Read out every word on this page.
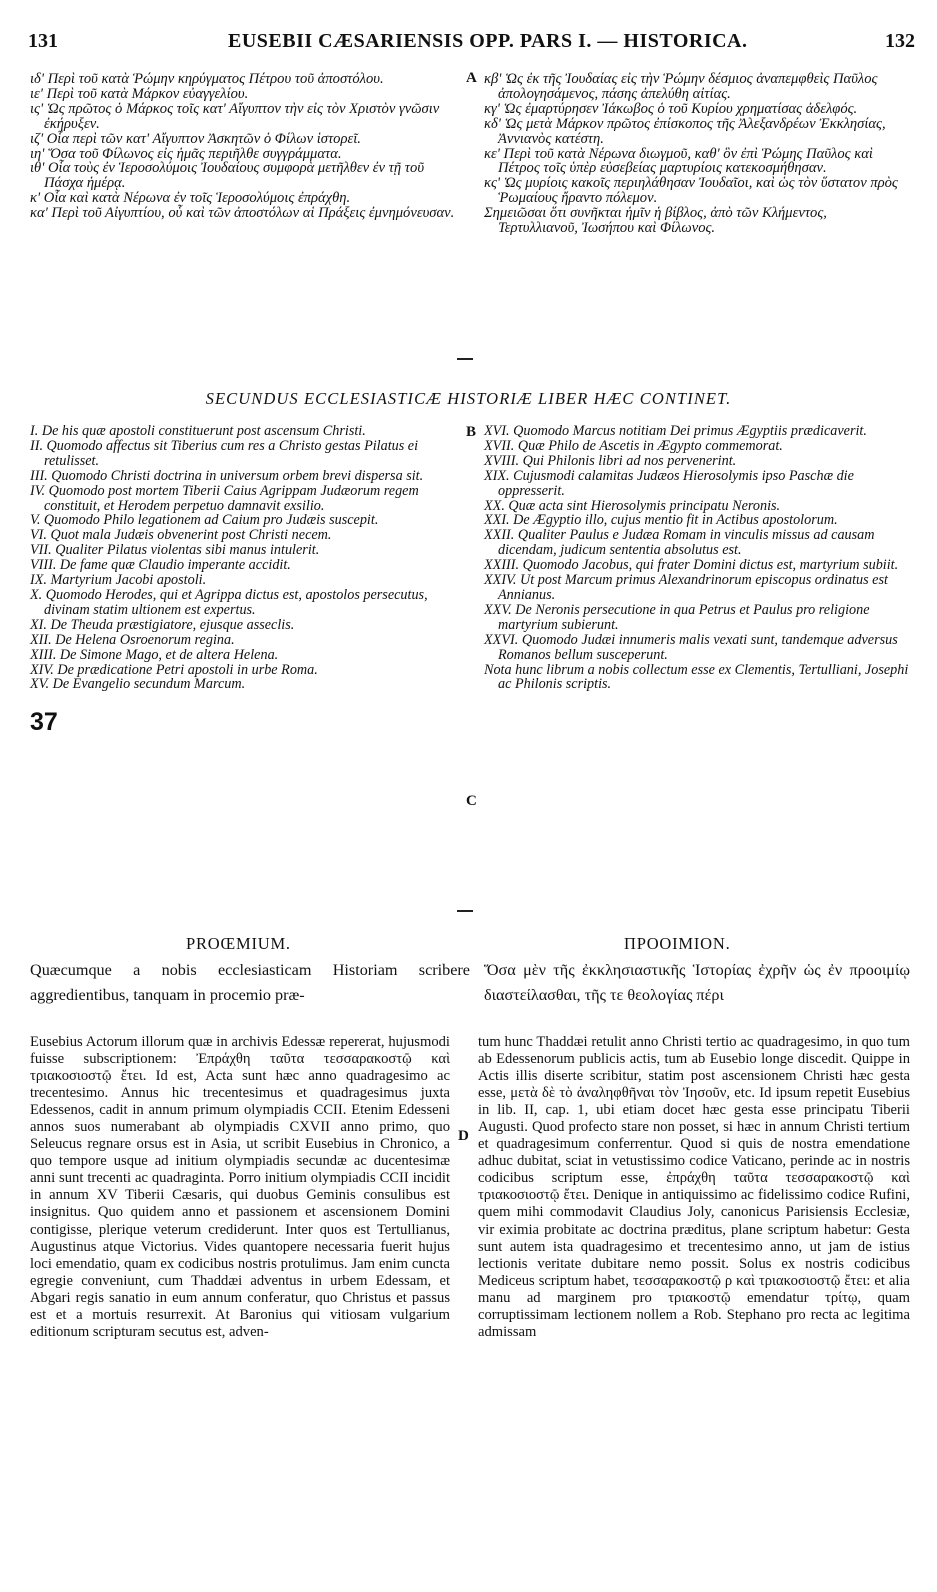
131	EUSEBII CÆSARIENSIS OPP. PARS I. — HISTORICA.	132

ιδ' Περὶ τοῦ κατὰ Ῥώμην κηρύγματος Πέτρου τοῦ ἀποστόλου.

ιε' Περὶ τοῦ κατὰ Μάρκον εὐαγγελίου.

ις' Ὡς πρῶτος ὁ Μάρκος τοῖς κατ' Αἴγυπτον τὴν εἰς τὸν Χριστὸν γνῶσιν ἐκήρυξεν.

ιζ' Οἷα περὶ τῶν κατ' Αἴγυπτον Ἀσκητῶν ὁ Φίλων ἱστορεῖ.

ιη' Ὅσα τοῦ Φίλωνος εἰς ἡμᾶς περιῆλθε συγγράμματα.

ιθ' Οἷα τοὺς ἐν Ἱεροσολύμοις Ἰουδαίους συμφορὰ μετῆλθεν ἐν τῇ τοῦ Πάσχα ἡμέρᾳ.

κ' Οἷα καὶ κατὰ Νέρωνα ἐν τοῖς Ἱεροσολύμοις ἐπράχθη.

κα' Περὶ τοῦ Αἰγυπτίου, οὗ καὶ τῶν ἀποστόλων αἱ Πράξεις ἐμνημόνευσαν.

A κβ' Ὡς ἐκ τῆς Ἰουδαίας εἰς τὴν Ῥώμην δέσμιος ἀναπεμφθεὶς Παῦλος ἀπολογησάμενος, πάσης ἀπελύθη αἰτίας.

κγ' Ὡς ἐμαρτύρησεν Ἰάκωβος ὁ τοῦ Κυρίου χρηματίσας ἀδελφός.

κδ' Ὡς μετὰ Μάρκον πρῶτος ἐπίσκοπος τῆς Ἀλεξανδρέων Ἐκκλησίας, Ἀννιανὸς κατέστη.

κε' Περὶ τοῦ κατὰ Νέρωνα διωγμοῦ, καθ' ὃν ἐπὶ Ῥώμης Παῦλος καὶ Πέτρος τοῖς ὑπὲρ εὐσεβείας μαρτυρίοις κατεκοσμήθησαν.

κς' Ὡς μυρίοις κακοῖς περιηλάθησαν Ἰουδαῖοι, καὶ ὡς τὸν ὕστατον πρὸς Ῥωμαίους ἤραντο πόλεμον.

Σημειῶσαι ὅτι συνῆκται ἡμῖν ἡ βίβλος, ἀπὸ τῶν Κλήμεντος, Τερτυλλιανοῦ, Ἰωσήπου καὶ Φίλωνος.

SECUNDUS ECCLESIASTICÆ HISTORIÆ LIBER HÆC CONTINET.

I. De his quæ apostoli constituerunt post ascensum Christi.

II. Quomodo affectus sit Tiberius cum res a Christo gestas Pilatus ei retulisset.

III. Quomodo Christi doctrina in universum orbem brevi dispersa sit.

IV. Quomodo post mortem Tiberii Caius Agrippam Judæorum regem constituit, et Herodem perpetuo damnavit exsilio.

V. Quomodo Philo legationem ad Caium pro Judæis suscepit.

VI. Quot mala Judæis obvenerint post Christi necem.

VII. Qualiter Pilatus violentas sibi manus intulerit.

VIII. De fame quæ Claudio imperante accidit.

IX. Martyrium Jacobi apostoli.

X. Quomodo Herodes, qui et Agrippa dictus est, apostolos persecutus, divinam statim ultionem est expertus.

XI. De Theuda præstigiatore, ejusque asseclis.

XII. De Helena Osroenorum regina.

XIII. De Simone Mago, et de altera Helena.

XIV. De prædicatione Petri apostoli in urbe Roma.

XV. De Evangelio secundum Marcum.

B
37
C

XVI. Quomodo Marcus notitiam Dei primus Ægyptiis prædicaverit.

XVII. Quæ Philo de Ascetis in Ægypto commemorat.

XVIII. Qui Philonis libri ad nos pervenerint.

XIX. Cujusmodi calamitas Judæos Hierosolymis ipso Paschæ die oppresserit.

XX. Quæ acta sint Hierosolymis principatu Neronis.

XXI. De Ægyptio illo, cujus mentio fit in Actibus apostolorum.

XXII. Qualiter Paulus e Judæa Romam in vinculis missus ad causam dicendam, judicum sententia absolutus est.

XXIII. Quomodo Jacobus, qui frater Domini dictus est, martyrium subiit.

XXIV. Ut post Marcum primus Alexandrinorum episcopus ordinatus est Annianus.

XXV. De Neronis persecutione in qua Petrus et Paulus pro religione martyrium subierunt.

XXVI. Quomodo Judæi innumeris malis vexati sunt, tandemque adversus Romanos bellum susceperunt.

Nota hunc librum a nobis collectum esse ex Clementis, Tertulliani, Josephi ac Philonis scriptis.

PROŒMIUM.
Quæcumque a nobis ecclesiasticam Historiam scribere aggredientibus, tanquam in procemio præ-
ΠΡΟΟΙΜΙΟΝ.
Ὅσα μὲν τῆς ἐκκλησιαστικῆς Ἱστορίας ἐχρῆν ὡς ἐν προοιμίῳ διαστείλασθαι, τῆς τε θεολογίας πέρι
Eusebius Actorum illorum quæ in archivis Edessæ repererat, hujusmodi fuisse subscriptionem: Ἐπράχθη ταῦτα τεσσαρακοστῷ καὶ τριακοσιοστῷ ἔτει. Id est, Acta sunt hæc anno quadragesimo ac trecentesimo. Annus hic trecentesimus et quadragesimus juxta Edessenos, cadit in annum primum olympiadis CCII. Etenim Edesseni annos suos numerabant ab olympiadis CXVII anno primo, quo Seleucus regnare orsus est in Asia, ut scribit Eusebius in Chronico, a quo tempore usque ad initium olympiadis secundæ ac ducentesimæ anni sunt trecenti ac quadraginta. Porro initium olympiadis CCII incidit in annum XV Tiberii Cæsaris, qui duobus Geminis consulibus est insignitus. Quo quidem anno et passionem et ascensionem Domini contigisse, plerique veterum crediderunt. Inter quos est Tertullianus, Augustinus atque Victorius. Vides quantopere necessaria fuerit hujus loci emendatio, quam ex codicibus nostris protulimus. Jam enim cuncta egregie conveniunt, cum Thaddæi adventus in urbem Edessam, et Abgari regis sanatio in eum annum conferatur, quo Christus et passus est et a mortuis resurrexit. At Baronius qui vitiosam vulgarium editionum scripturam secutus est, adven-
D
tum hunc Thaddæi retulit anno Christi tertio ac quadragesimo, in quo tum ab Edessenorum publicis actis, tum ab Eusebio longe discedit. Quippe in Actis illis diserte scribitur, statim post ascensionem Christi hæc gesta esse, μετὰ δὲ τὸ ἀναληφθῆναι τὸν Ἰησοῦν, etc. Id ipsum repetit Eusebius in lib. II, cap. 1, ubi etiam docet hæc gesta esse principatu Tiberii Augusti. Quod profecto stare non posset, si hæc in annum Christi tertium et quadragesimum conferrentur. Quod si quis de nostra emendatione adhuc dubitat, sciat in vetustissimo codice Vaticano, perinde ac in nostris codicibus scriptum esse, ἐπράχθη ταῦτα τεσσαρακοστῷ καὶ τριακοσιοστῷ ἔτει. Denique in antiquissimo ac fidelissimo codice Rufini, quem mihi commodavit Claudius Joly, canonicus Parisiensis Ecclesiæ, vir eximia probitate ac doctrina præditus, plane scriptum habetur: Gesta sunt autem ista quadragesimo et trecentesimo anno, ut jam de istius lectionis veritate dubitare nemo possit. Solus ex nostris codicibus Mediceus scriptum habet, τεσσαρακοστῷ ρ καὶ τριακοσιοστῷ ἔτει: et alia manu ad marginem pro τριακοστῷ emendatur τρίτῳ, quam corruptissimam lectionem nollem a Rob. Stephano pro recta ac legitima admissam
